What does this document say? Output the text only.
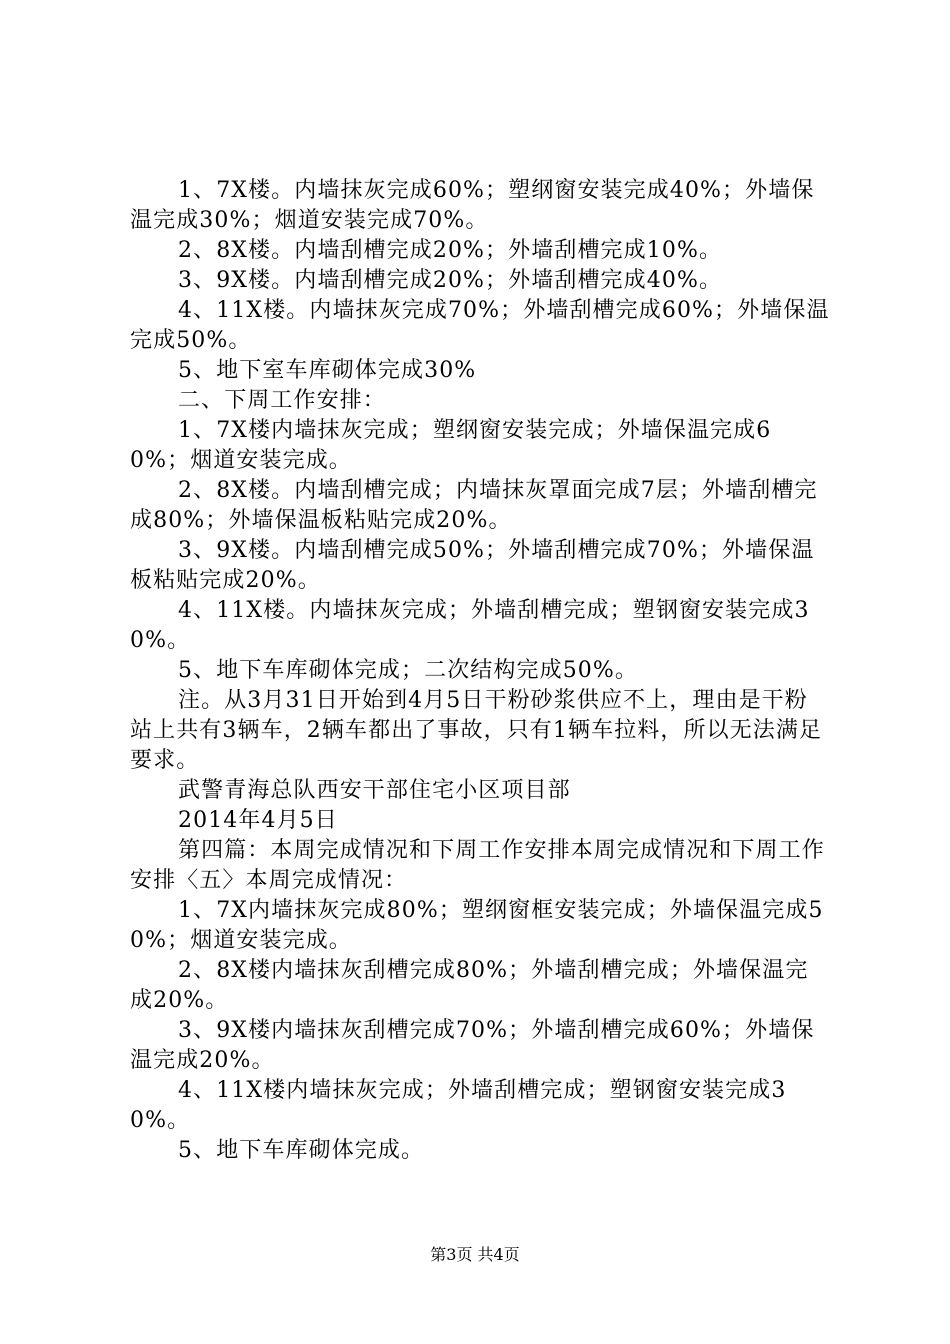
1、7X楼。内墙抹灰完成60%；塑纲窗安装完成40%；外墙保温完成30%；烟道安装完成70%。

2、8X楼。内墙刮槽完成20%；外墙刮槽完成10%。

3、9X楼。内墙刮槽完成20%；外墙刮槽完成40%。

4、11X楼。内墙抹灰完成70%；外墙刮槽完成60%；外墙保温完成50%。

5、地下室车库砌体完成30%

二、下周工作安排：

1、7X楼内墙抹灰完成；塑纲窗安装完成；外墙保温完成60%；烟道安装完成。

2、8X楼。内墙刮槽完成；内墙抹灰罩面完成7层；外墙刮槽完成80%；外墙保温板粘贴完成20%。

3、9X楼。内墙刮槽完成50%；外墙刮槽完成70%；外墙保温板粘贴完成20%。

4、11X楼。内墙抹灰完成；外墙刮槽完成；塑钢窗安装完成30%。

5、地下车库砌体完成；二次结构完成50%。

注。从3月31日开始到4月5日干粉砂浆供应不上，理由是干粉站上共有3辆车，2辆车都出了事故，只有1辆车拉料，所以无法满足要求。

武警青海总队西安干部住宅小区项目部

2014年4月5日

第四篇：本周完成情况和下周工作安排本周完成情况和下周工作安排〈五〉本周完成情况：

1、7X内墙抹灰完成80%；塑纲窗框安装完成；外墙保温完成50%；烟道安装完成。

2、8X楼内墙抹灰刮槽完成80%；外墙刮槽完成；外墙保温完成20%。

3、9X楼内墙抹灰刮槽完成70%；外墙刮槽完成60%；外墙保温完成20%。

4、11X楼内墙抹灰完成；外墙刮槽完成；塑钢窗安装完成30%。

5、地下车库砌体完成。

第3页 共4页
